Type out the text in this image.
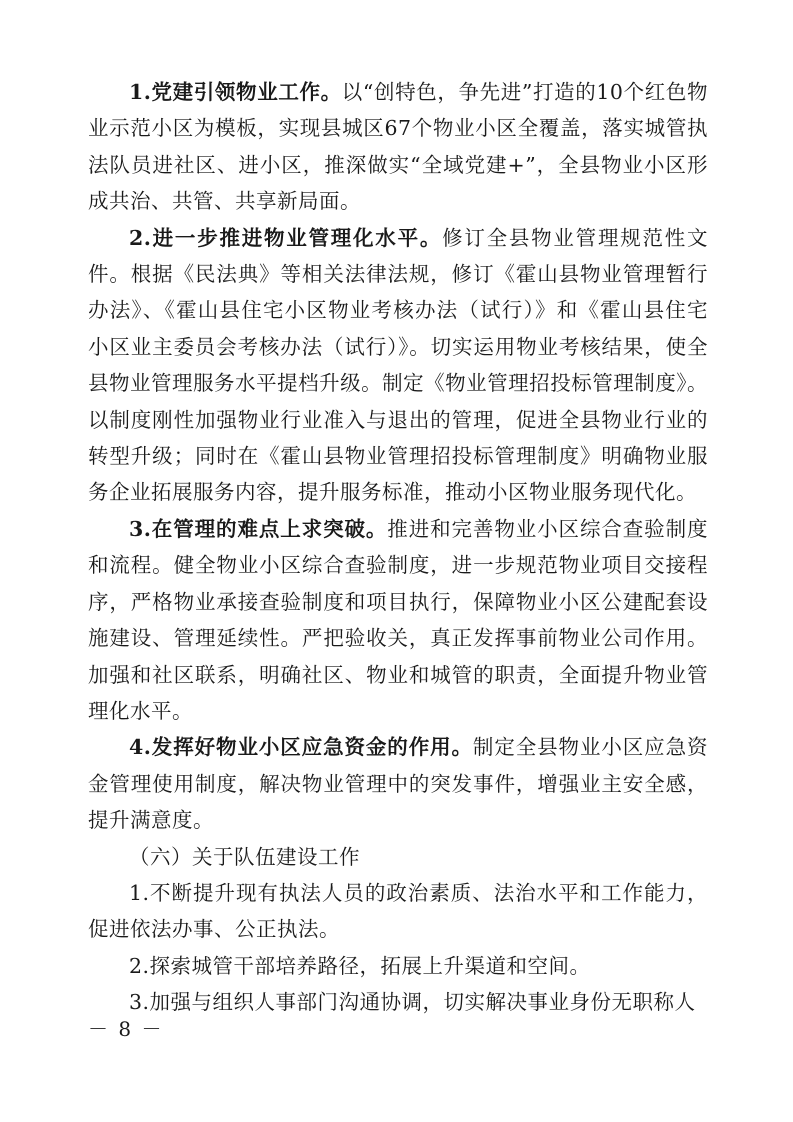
1.党建引领物业工作。以“创特色，争先进”打造的10个红色物业示范小区为模板，实现县城区67个物业小区全覆盖，落实城管执法队员进社区、进小区，推深做实“全域党建+”，全县物业小区形成共治、共管、共享新局面。

2.进一步推进物业管理化水平。修订全县物业管理规范性文件。根据《民法典》等相关法律法规，修订《霍山县物业管理暂行办法》、《霍山县住宅小区物业考核办法（试行）》和《霍山县住宅小区业主委员会考核办法（试行）》。切实运用物业考核结果，使全县物业管理服务水平提档升级。制定《物业管理招投标管理制度》。以制度刚性加强物业行业准入与退出的管理，促进全县物业行业的转型升级；同时在《霍山县物业管理招投标管理制度》明确物业服务企业拓展服务内容，提升服务标准，推动小区物业服务现代化。

3.在管理的难点上求突破。推进和完善物业小区综合查验制度和流程。健全物业小区综合查验制度，进一步规范物业项目交接程序，严格物业承接查验制度和项目执行，保障物业小区公建配套设施建设、管理延续性。严把验收关，真正发挥事前物业公司作用。加强和社区联系，明确社区、物业和城管的职责，全面提升物业管理化水平。

4.发挥好物业小区应急资金的作用。制定全县物业小区应急资金管理使用制度，解决物业管理中的突发事件，增强业主安全感，提升满意度。

（六）关于队伍建设工作

1.不断提升现有执法人员的政治素质、法治水平和工作能力，促进依法办事、公正执法。

2.探索城管干部培养路径，拓展上升渠道和空间。

3.加强与组织人事部门沟通协调，切实解决事业身份无职称人

－ 8 －
